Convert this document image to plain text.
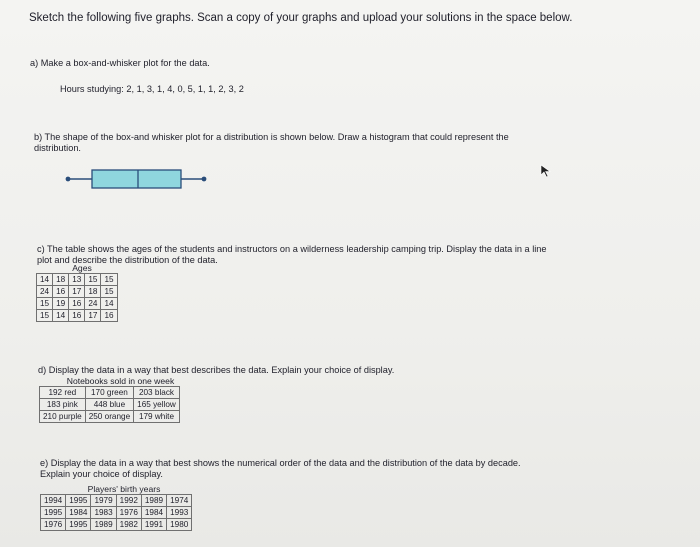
Sketch the following five graphs. Scan a copy of your graphs and upload your solutions in the space below.
a) Make a box-and-whisker plot for the data.
Hours studying: 2, 1, 3, 1, 4, 0, 5, 1, 1, 2, 3, 2
b) The shape of the box-and whisker plot for a distribution is shown below. Draw a histogram that could represent the distribution.
c) The table shows the ages of the students and instructors on a wilderness leadership camping trip. Display the data in a line plot and describe the distribution of the data.
Ages
14	18	13	15	15
24	16	17	18	15
15	19	16	24	14
15	14	16	17	16
d) Display the data in a way that best describes the data. Explain your choice of display.
Notebooks sold in one week
192 red	170 green	203 black
183 pink	448 blue	165 yellow
210 purple	250 orange	179 white
e) Display the data in a way that best shows the numerical order of the data and the distribution of the data by decade. Explain your choice of display.
Players' birth years
1994	1995	1979	1992	1989	1974
1995	1984	1983	1976	1984	1993
1976	1995	1989	1982	1991	1980
